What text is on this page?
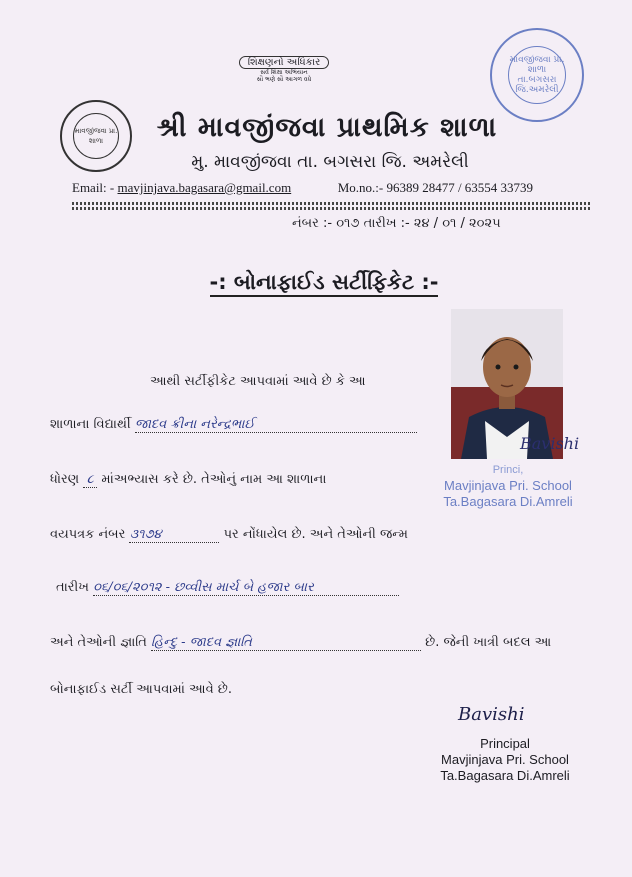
શિક્ષણનો અધિકાર
સર્વ શિક્ષા અભિયાન
સૌ ભણે સૌ આગળ વધે
માવજીંજવા પ્રા. શાળા
માવજીંજવા પ્રા. શાળા તા.બગસરા જિ.અમરેલી
શ્રી માવજીંજવા પ્રાથમિક શાળા
મુ. માવજીંજવા તા. બગસરા જિ. અમરેલી
Email: - mavjinjava.bagasara@gmail.com	Mo.no.:- 96389 28477 / 63554 33739
નંબર :- ૦૧૭ તારીખ :- ૨૪ / ૦૧ / ૨૦૨૫
-: બોનાફાઈડ સર્ટીફિકેટ :-
Bavishi
Princi,
Mavjinjava Pri. School
Ta.Bagasara Di.Amreli
આથી સર્ટીફીકેટ આપવામાં આવે છે કે આ
શાળાના વિદ્યાર્થી જાદવ ક્રીના નરેન્દ્રભાઈ
ધોરણ ૮ માંઅભ્યાસ કરે છે. તેઓનું નામ આ શાળાના
વયપત્રક નંબર ૩૧૭૪	પર નોંધાયેલ છે. અને તેઓની જન્મ
તારીખ ૦૬/૦૬/૨૦૧૨ - છવ્વીસ માર્ચ બે હજાર બાર
અને તેઓની જ્ઞાતિ હિન્દુ - જાદવ જ્ઞાતિ	છે. જેની ખાત્રી બદલ આ
બોનાફાઈડ સર્ટી આપવામાં આવે છે.
Bavishi
Principal
Mavjinjava Pri. School
Ta.Bagasara Di.Amreli
